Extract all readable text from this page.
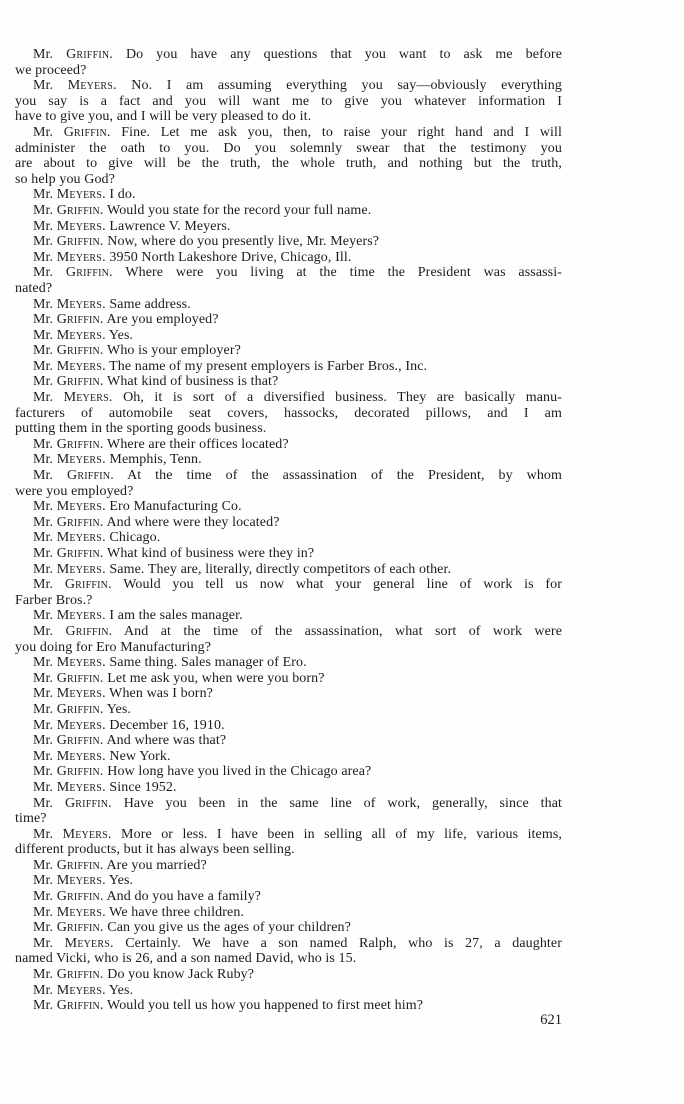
Mr. Griffin. Do you have any questions that you want to ask me before
we proceed?
Mr. Meyers. No. I am assuming everything you say—obviously everything
you say is a fact and you will want me to give you whatever information I
have to give you, and I will be very pleased to do it.
Mr. Griffin. Fine. Let me ask you, then, to raise your right hand and I will
administer the oath to you. Do you solemnly swear that the testimony you
are about to give will be the truth, the whole truth, and nothing but the truth,
so help you God?
Mr. Meyers. I do.
Mr. Griffin. Would you state for the record your full name.
Mr. Meyers. Lawrence V. Meyers.
Mr. Griffin. Now, where do you presently live, Mr. Meyers?
Mr. Meyers. 3950 North Lakeshore Drive, Chicago, Ill.
Mr. Griffin. Where were you living at the time the President was assassi-
nated?
Mr. Meyers. Same address.
Mr. Griffin. Are you employed?
Mr. Meyers. Yes.
Mr. Griffin. Who is your employer?
Mr. Meyers. The name of my present employers is Farber Bros., Inc.
Mr. Griffin. What kind of business is that?
Mr. Meyers. Oh, it is sort of a diversified business. They are basically manu-
facturers of automobile seat covers, hassocks, decorated pillows, and I am
putting them in the sporting goods business.
Mr. Griffin. Where are their offices located?
Mr. Meyers. Memphis, Tenn.
Mr. Griffin. At the time of the assassination of the President, by whom
were you employed?
Mr. Meyers. Ero Manufacturing Co.
Mr. Griffin. And where were they located?
Mr. Meyers. Chicago.
Mr. Griffin. What kind of business were they in?
Mr. Meyers. Same. They are, literally, directly competitors of each other.
Mr. Griffin. Would you tell us now what your general line of work is for
Farber Bros.?
Mr. Meyers. I am the sales manager.
Mr. Griffin. And at the time of the assassination, what sort of work were
you doing for Ero Manufacturing?
Mr. Meyers. Same thing. Sales manager of Ero.
Mr. Griffin. Let me ask you, when were you born?
Mr. Meyers. When was I born?
Mr. Griffin. Yes.
Mr. Meyers. December 16, 1910.
Mr. Griffin. And where was that?
Mr. Meyers. New York.
Mr. Griffin. How long have you lived in the Chicago area?
Mr. Meyers. Since 1952.
Mr. Griffin. Have you been in the same line of work, generally, since that
time?
Mr. Meyers. More or less. I have been in selling all of my life, various items,
different products, but it has always been selling.
Mr. Griffin. Are you married?
Mr. Meyers. Yes.
Mr. Griffin. And do you have a family?
Mr. Meyers. We have three children.
Mr. Griffin. Can you give us the ages of your children?
Mr. Meyers. Certainly. We have a son named Ralph, who is 27, a daughter
named Vicki, who is 26, and a son named David, who is 15.
Mr. Griffin. Do you know Jack Ruby?
Mr. Meyers. Yes.
Mr. Griffin. Would you tell us how you happened to first meet him?
621
